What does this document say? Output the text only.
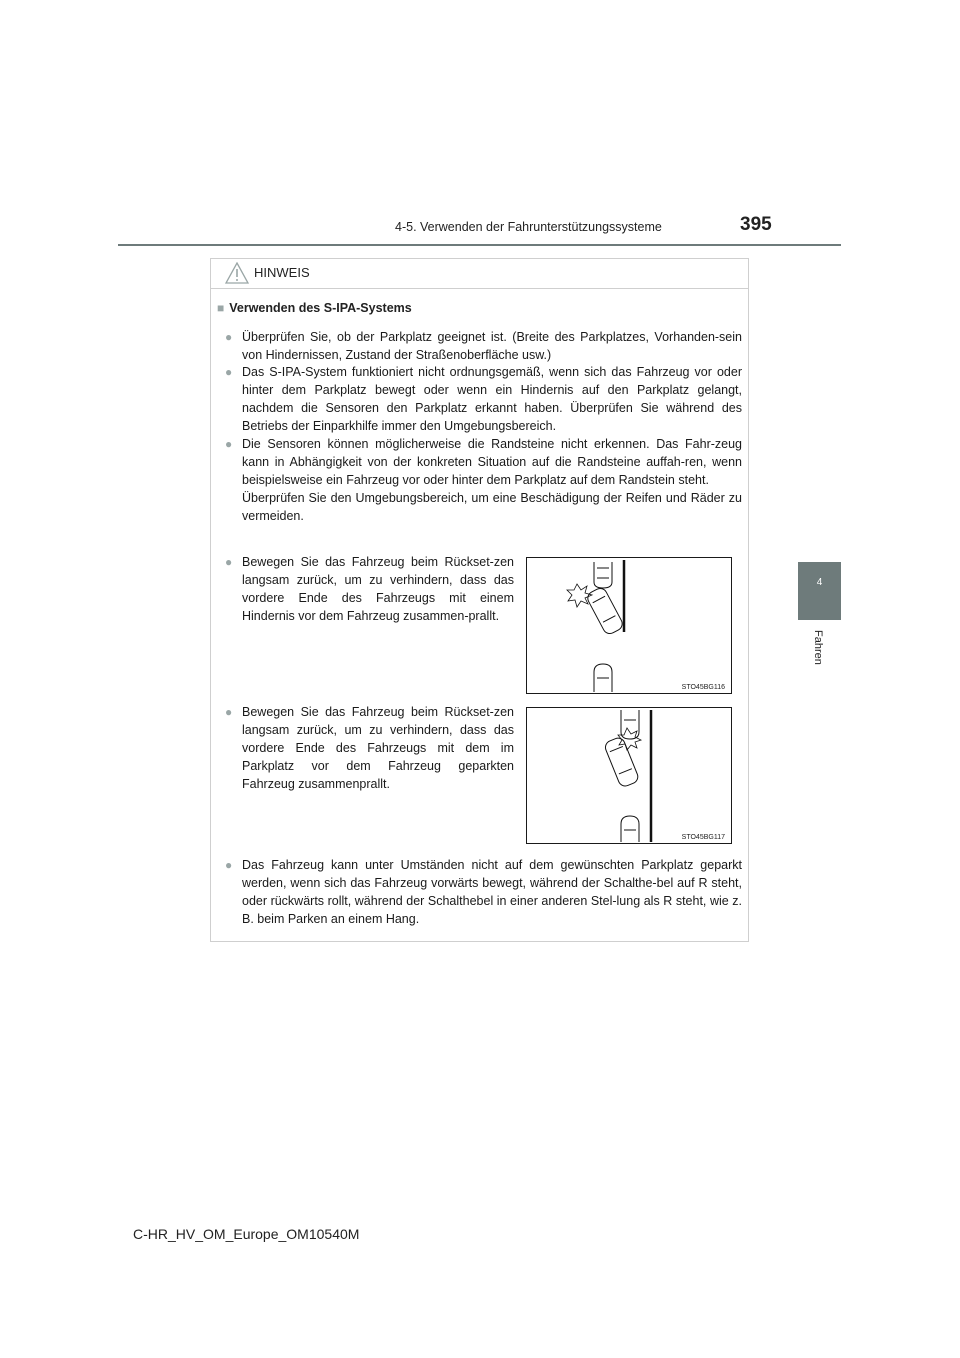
4-5. Verwenden der Fahrunterstützungssysteme	395
4
Fahren
HINWEIS
■ Verwenden des S-IPA-Systems
● Überprüfen Sie, ob der Parkplatz geeignet ist. (Breite des Parkplatzes, Vorhanden-sein von Hindernissen, Zustand der Straßenoberfläche usw.)
● Das S-IPA-System funktioniert nicht ordnungsgemäß, wenn sich das Fahrzeug vor oder hinter dem Parkplatz bewegt oder wenn ein Hindernis auf den Parkplatz gelangt, nachdem die Sensoren den Parkplatz erkannt haben. Überprüfen Sie während des Betriebs der Einparkhilfe immer den Umgebungsbereich.
● Die Sensoren können möglicherweise die Randsteine nicht erkennen. Das Fahr-zeug kann in Abhängigkeit von der konkreten Situation auf die Randsteine auffah-ren, wenn beispielsweise ein Fahrzeug vor oder hinter dem Parkplatz auf dem Randstein steht.
Überprüfen Sie den Umgebungsbereich, um eine Beschädigung der Reifen und Räder zu vermeiden.
● Bewegen Sie das Fahrzeug beim Rückset-zen langsam zurück, um zu verhindern, dass das vordere Ende des Fahrzeugs mit einem Hindernis vor dem Fahrzeug zusammen-prallt.
STO45BG116
● Bewegen Sie das Fahrzeug beim Rückset-zen langsam zurück, um zu verhindern, dass das vordere Ende des Fahrzeugs mit dem im Parkplatz vor dem Fahrzeug geparkten Fahrzeug zusammenprallt.
STO45BG117
● Das Fahrzeug kann unter Umständen nicht auf dem gewünschten Parkplatz geparkt werden, wenn sich das Fahrzeug vorwärts bewegt, während der Schalthe-bel auf R steht, oder rückwärts rollt, während der Schalthebel in einer anderen Stel-lung als R steht, wie z. B. beim Parken an einem Hang.
C-HR_HV_OM_Europe_OM10540M
